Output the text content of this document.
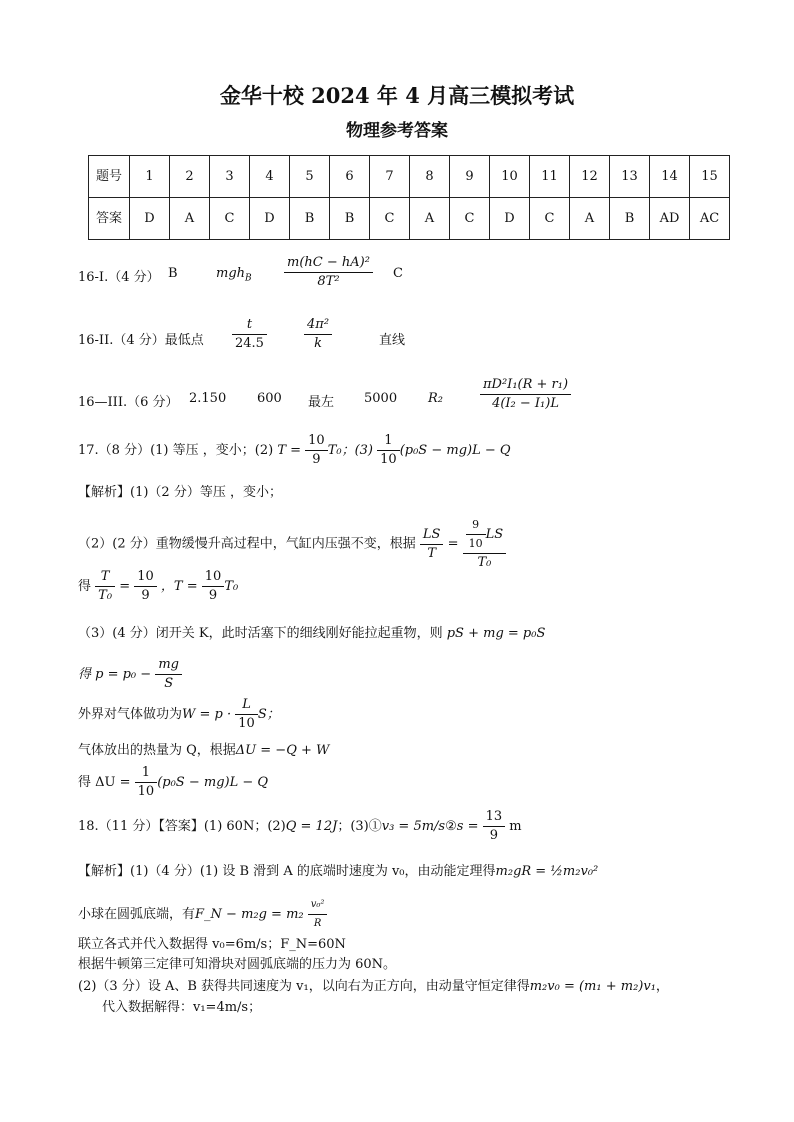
金华十校 2024 年 4 月高三模拟考试
物理参考答案
题号	1	2	3	4	5	6	7	8	9	10	11	12	13	14	15
答案	D	A	C	D	B	B	C	A	C	D	C	A	B	AD	AC
16-I.（4 分） B	$mgh_B \frac{\text{m(hC − hA)²}}{\text{8T²}}$ C
16-II.（4 分）最低点 $\frac{t}{24.5}$	$\frac{\text{4π²}}{k}$	直线
16—III.（6 分） 2.150 600 最左 5000 R₂	$\frac{\text{πD²I₁(R + r₁)}}{\text{4(I₂ − I₁)L}}$
17.（8 分）(1) 等压 ，变小；(2) $T = \frac{10}{9} T_0$；$(3) \frac{1}{10} (p_0S - mg)L - Q$
【解析】(1)（2 分）等压 ，变小；
（2）(2 分）重物缓慢升高过程中，气缸内压强不变，根据 $\frac{LS}{T} = \frac{\frac{9}{10} LS}{\text{T₀}}$
得 $\frac{T}{\text{T₀}} = \frac{10}{9}$ ，$T = \frac{10}{9} T_0$
（3）(4 分）闭开关 K，此时活塞下的细线刚好能拉起重物，则 pS + mg = p₀S
得 $p = p_0 - \frac{mg}{S}$
外界对气体做功为$W = p \cdot \frac{L}{10}$ S；
气体放出的热量为 Q，根据ΔU = −Q + W
得 $\Delta U = \frac{1}{10} (p_0S - mg)L - Q$
18.（11 分）【答案】(1) 60N；(2)Q = 12J；(3)①v₃ = 5m/s②s = $\frac{13}{9}$ m
【解析】(1)（4 分）(1) 设 B 滑到 A 的底端时速度为 v₀，由动能定理得m₂gR = ½m₂v₀²
小球在圆弧底端，有F_N − $m_2g = m_2 \frac{\text{v₀²}}{R}$
联立各式并代入数据得 v₀=6m/s；F_N=60N
根据牛顿第三定律可知滑块对圆弧底端的压力为 60N。
(2)（3 分）设 A、B 获得共同速度为 v₁，以向右为正方向，由动量守恒定律得m₂v₀ = (m₁ + m₂)v₁，
代入数据解得：v₁=4m/s；
